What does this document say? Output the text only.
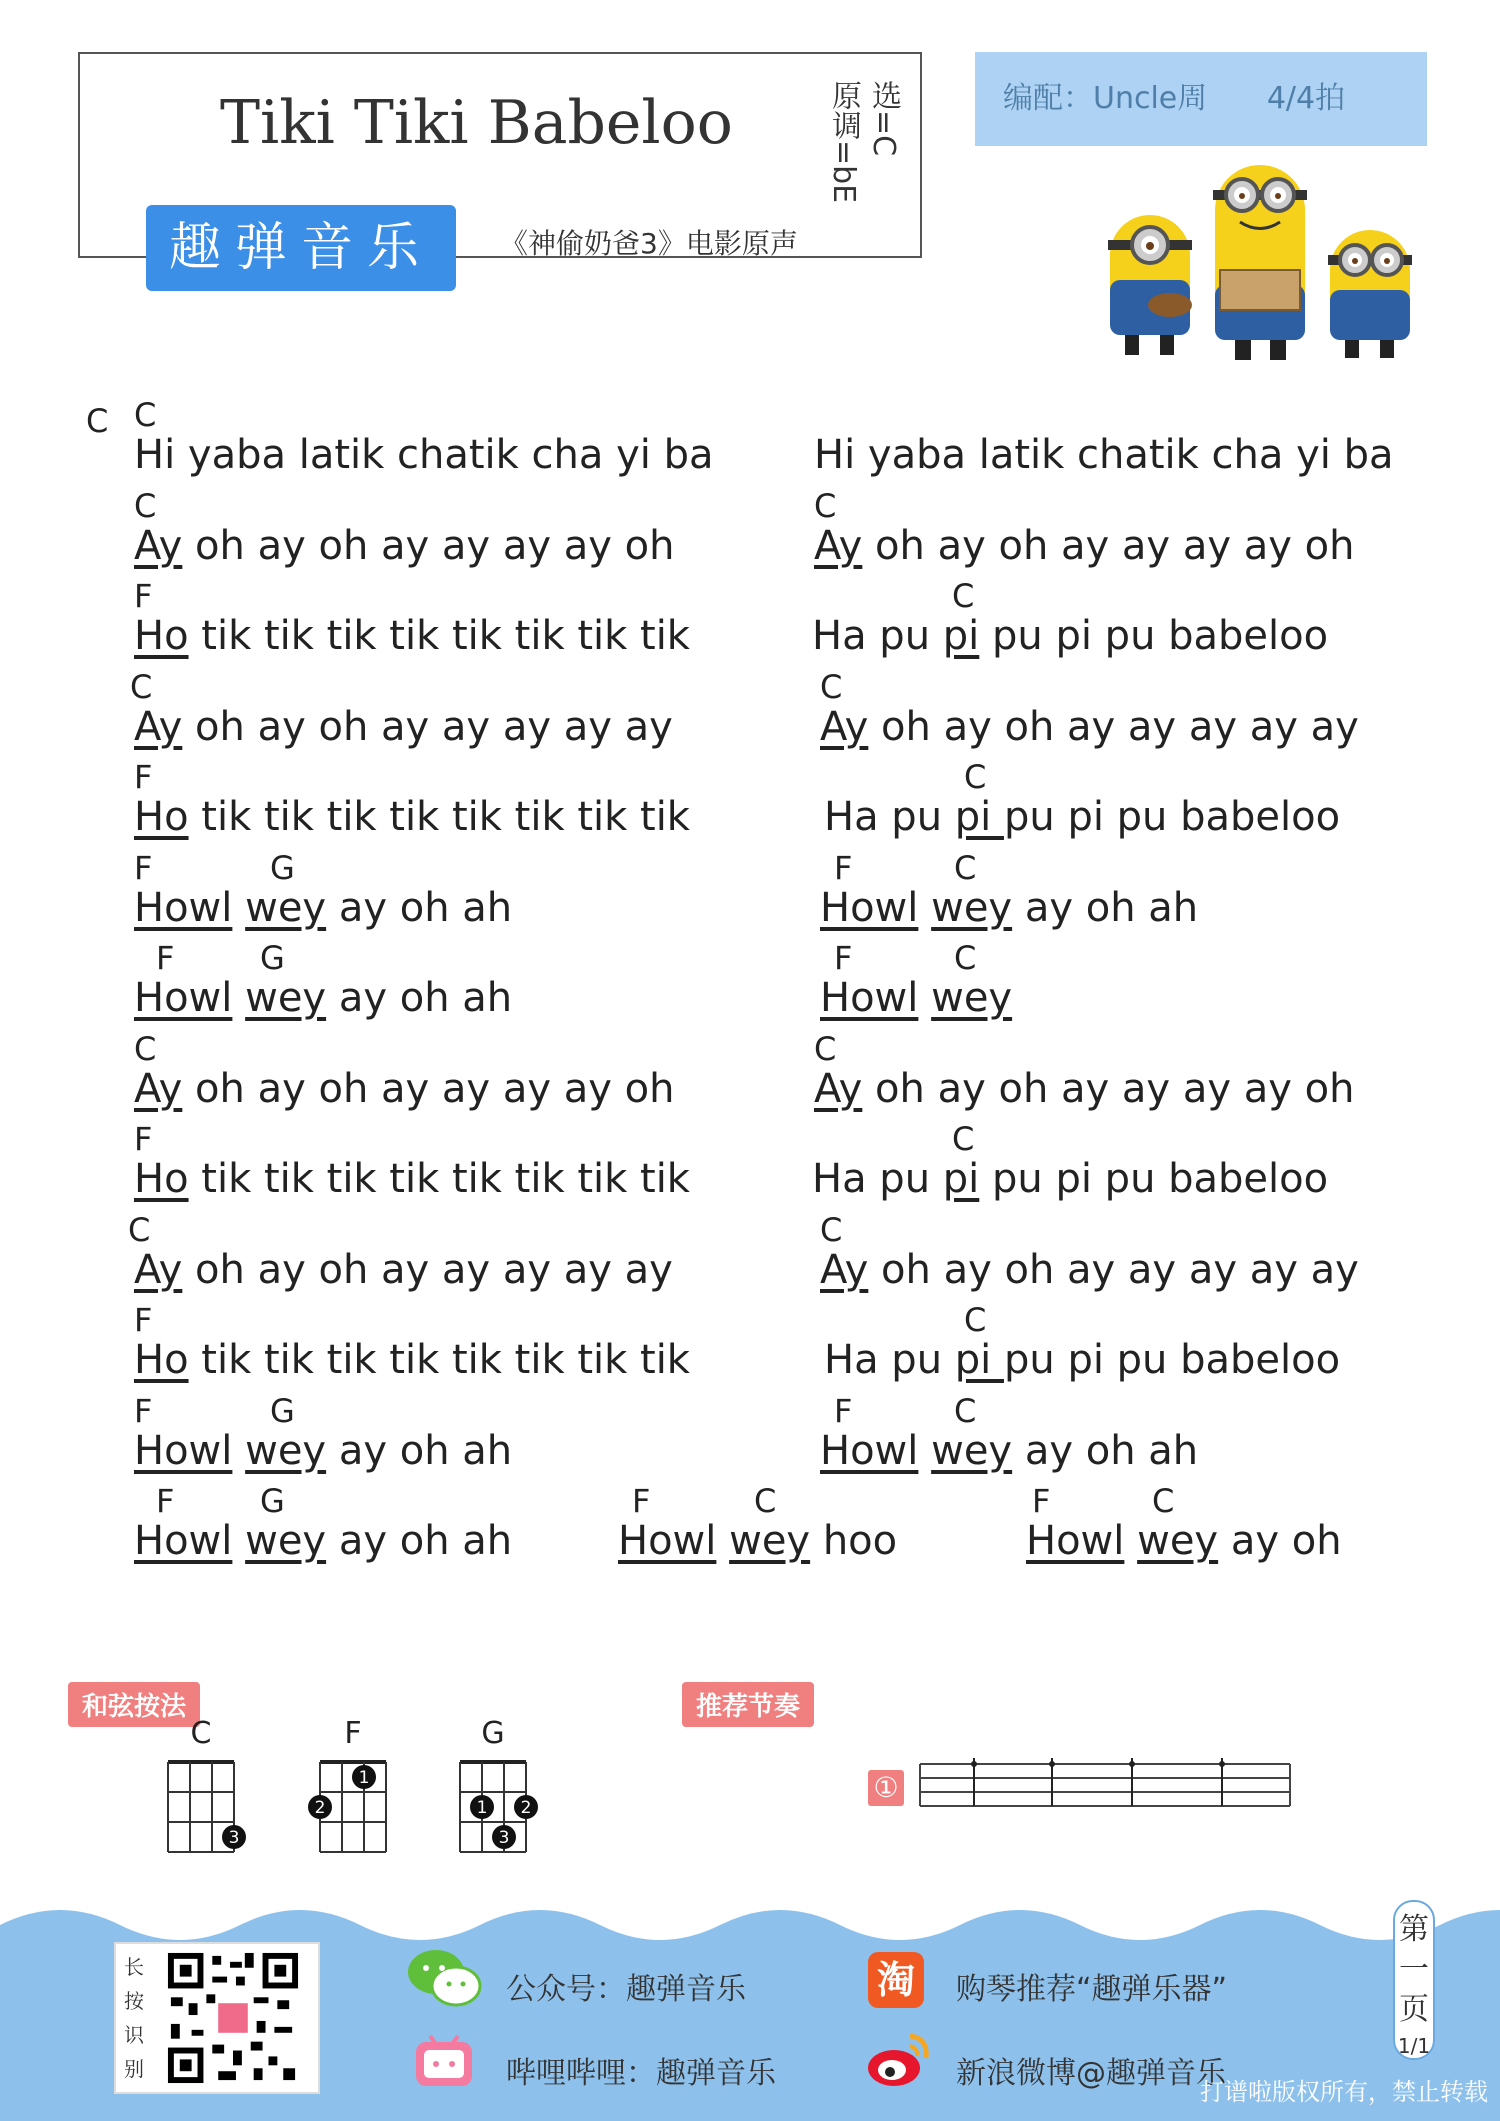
Tiki Tiki Babeloo	选=C
原调=bE
趣弹音乐	《神偷奶爸3》电影原声
编配：Uncle周 4/4拍
Hi yaba latik chatik cha yi ba
C
Ay oh ay oh ay ay ay ay oh
C
Ho tik tik tik tik tik tik tik tik
F
Ay oh ay oh ay ay ay ay ay
C
Ho tik tik tik tik tik tik tik tik
F
Howl wey ay oh ah
F	G
Howl wey ay oh ah
F	G
Ay oh ay oh ay ay ay ay oh
C
Ho tik tik tik tik tik tik tik tik
F
Ay oh ay oh ay ay ay ay ay
C
Ho tik tik tik tik tik tik tik tik
F
Howl wey ay oh ah
F	G
Howl wey ay oh ah
F	G
Hi yaba latik chatik cha yi ba
Ay oh ay oh ay ay ay ay oh
C
Ha pu pi pu pi pu babeloo
C
Ay oh ay oh ay ay ay ay ay
C
Ha pu pi pu pi pu babeloo
C
Howl wey ay oh ah
F	C
Howl wey
F	C
Ay oh ay oh ay ay ay ay oh
C
Ha pu pi pu pi pu babeloo
C
Ay oh ay oh ay ay ay ay ay
C
Ha pu pi pu pi pu babeloo
C
Howl wey ay oh ah
F	C
Howl wey hoo
F	C
Howl wey ay oh
F	C
C
和弦按法
C
3
F
1
2
G
1 2
3
推荐节奏
①
长按识别
公众号：趣弹音乐	淘	购琴推荐“趣弹乐器”
哔哩哔哩：趣弹音乐	新浪微博@趣弹音乐
第一页
1/1
打谱啦版权所有，禁止转载
